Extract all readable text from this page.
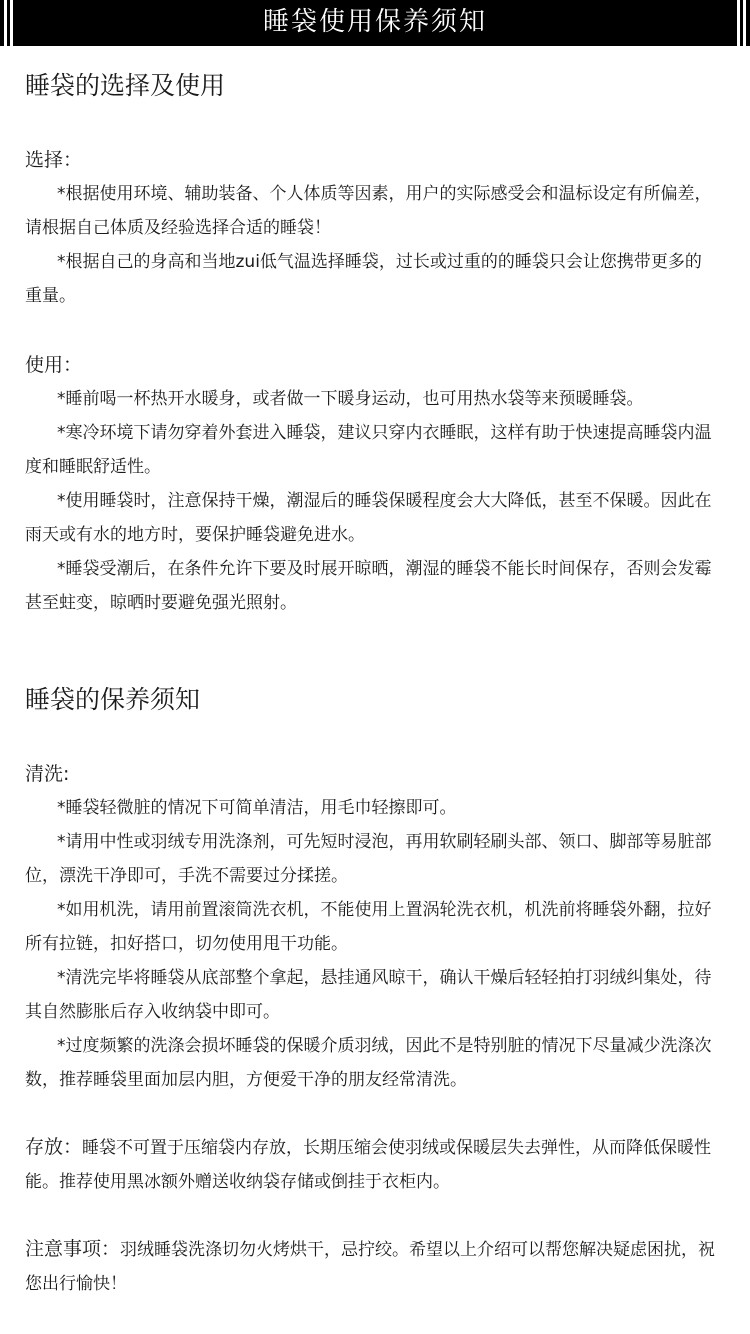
睡袋使用保养须知
睡袋的选择及使用
选择：

*根据使用环境、辅助装备、个人体质等因素，用户的实际感受会和温标设定有所偏差，请根据自己体质及经验选择合适的睡袋！

*根据自己的身高和当地zui低气温选择睡袋，过长或过重的的睡袋只会让您携带更多的重量。

使用：

*睡前喝一杯热开水暖身，或者做一下暖身运动，也可用热水袋等来预暖睡袋。

*寒冷环境下请勿穿着外套进入睡袋，建议只穿内衣睡眠，这样有助于快速提高睡袋内温度和睡眠舒适性。

*使用睡袋时，注意保持干燥，潮湿后的睡袋保暖程度会大大降低，甚至不保暖。因此在雨天或有水的地方时，要保护睡袋避免进水。

*睡袋受潮后，在条件允许下要及时展开晾晒，潮湿的睡袋不能长时间保存，否则会发霉甚至蛀变，晾晒时要避免强光照射。

睡袋的保养须知
清洗:

*睡袋轻微脏的情况下可简单清洁，用毛巾轻擦即可。

*请用中性或羽绒专用洗涤剂，可先短时浸泡，再用软刷轻刷头部、领口、脚部等易脏部位，漂洗干净即可，手洗不需要过分揉搓。

*如用机洗，请用前置滚筒洗衣机，不能使用上置涡轮洗衣机，机洗前将睡袋外翻，拉好所有拉链，扣好搭口，切勿使用甩干功能。

*清洗完毕将睡袋从底部整个拿起，悬挂通风晾干，确认干燥后轻轻拍打羽绒纠集处，待其自然膨胀后存入收纳袋中即可。

*过度频繁的洗涤会损坏睡袋的保暖介质羽绒，因此不是特别脏的情况下尽量减少洗涤次数，推荐睡袋里面加层内胆，方便爱干净的朋友经常清洗。

存放：睡袋不可置于压缩袋内存放，长期压缩会使羽绒或保暖层失去弹性，从而降低保暖性能。推荐使用黑冰额外赠送收纳袋存储或倒挂于衣柜内。

注意事项：羽绒睡袋洗涤切勿火烤烘干，忌拧绞。希望以上介绍可以帮您解决疑虑困扰，祝您出行愉快！
